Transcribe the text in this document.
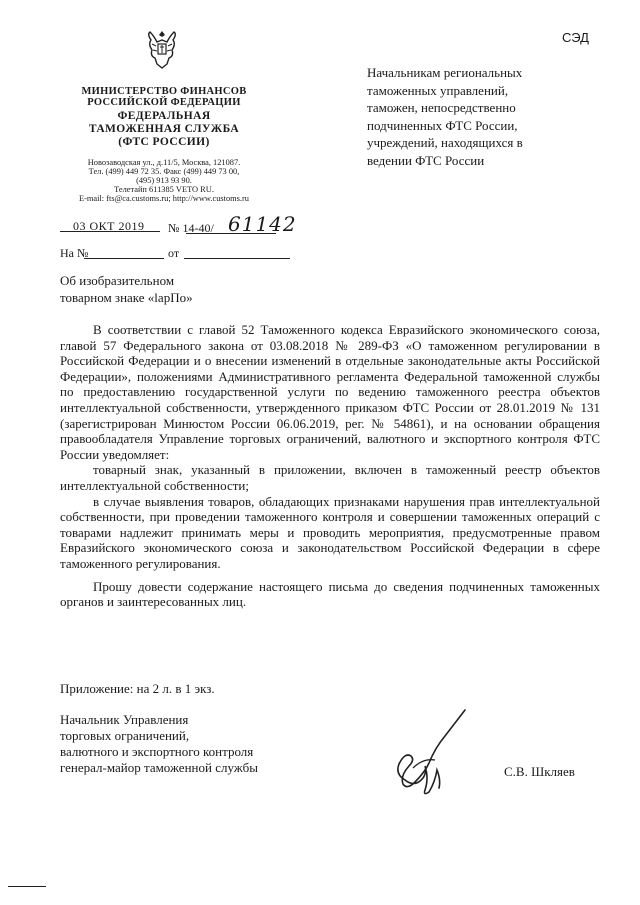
СЭД
МИНИСТЕРСТВО ФИНАНСОВ
РОССИЙСКОЙ ФЕДЕРАЦИИ
ФЕДЕРАЛЬНАЯ
ТАМОЖЕННАЯ СЛУЖБА
(ФТС РОССИИ)
Новозаводская ул., д.11/5, Москва, 121087.
Тел. (499) 449 72 35. Факс (499) 449 73 00,
(495) 913 93 90.
Телетайп 611385 VETO RU.
E-mail: fts@ca.customs.ru; http://www.customs.ru
03 ОКТ 2019 № 14-40/ 61142
На №	от
Начальникам региональных
таможенных управлений,
таможен, непосредственно
подчиненных ФТС России,
учреждений, находящихся в
ведении ФТС России
Об изобразительном
товарном знаке «lapПо»

В соответствии с главой 52 Таможенного кодекса Евразийского экономического союза, главой 57 Федерального закона от 03.08.2018 № 289-ФЗ «О таможенном регулировании в Российской Федерации и о внесении изменений в отдельные законодательные акты Российской Федерации», положениями Административного регламента Федеральной таможенной службы по предоставлению государственной услуги по ведению таможенного реестра объектов интеллектуальной собственности, утвержденного приказом ФТС России от 28.01.2019 № 131 (зарегистрирован Минюстом России 06.06.2019, рег. № 54861), и на основании обращения правообладателя Управление торговых ограничений, валютного и экспортного контроля ФТС России уведомляет:

товарный знак, указанный в приложении, включен в таможенный реестр объектов интеллектуальной собственности;

в случае выявления товаров, обладающих признаками нарушения прав интеллектуальной собственности, при проведении таможенного контроля и совершении таможенных операций с товарами надлежит принимать меры и проводить мероприятия, предусмотренные правом Евразийского экономического союза и законодательством Российской Федерации в сфере таможенного регулирования.

Прошу довести содержание настоящего письма до сведения подчиненных таможенных органов и заинтересованных лиц.

Приложение: на 2 л. в 1 экз.
Начальник Управления
торговых ограничений,
валютного и экспортного контроля
генерал-майор таможенной службы	С.В. Шкляев
